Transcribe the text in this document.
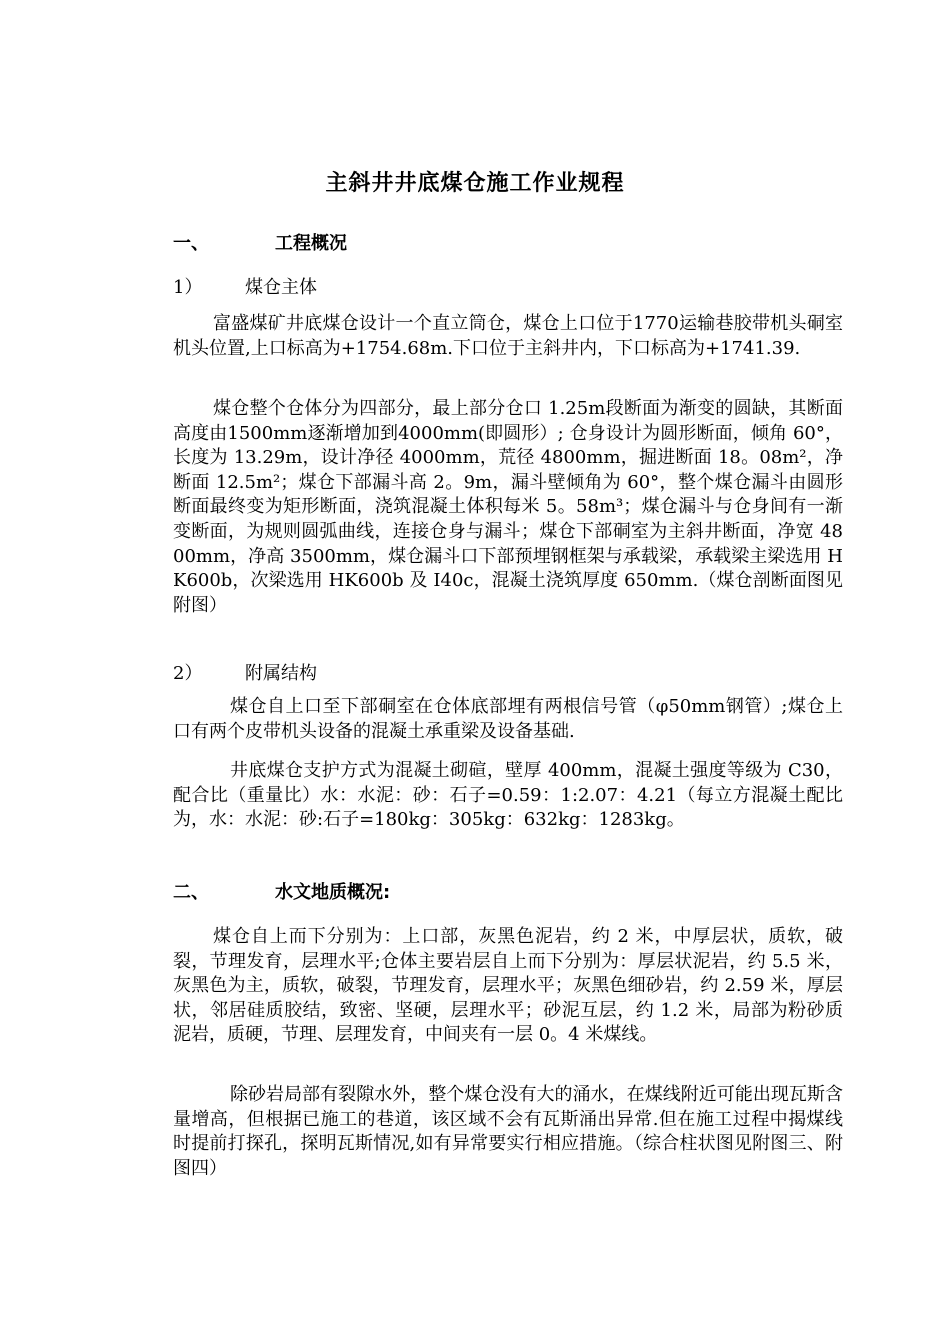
主斜井井底煤仓施工作业规程
一、	工程概况
1） 煤仓主体
富盛煤矿井底煤仓设计一个直立筒仓，煤仓上口位于1770运输巷胶带机头硐室机头位置,上口标高为+1754.68m.下口位于主斜井内，下口标高为+1741.39.
煤仓整个仓体分为四部分，最上部分仓口 1.25m段断面为渐变的圆缺，其断面高度由1500mm逐渐增加到4000mm(即圆形）; 仓身设计为圆形断面，倾角 60°，长度为 13.29m，设计净径 4000mm，荒径 4800mm，掘进断面 18。08m²，净断面 12.5m²；煤仓下部漏斗高 2。9m，漏斗壁倾角为 60°，整个煤仓漏斗由圆形断面最终变为矩形断面，浇筑混凝土体积每米 5。58m³；煤仓漏斗与仓身间有一渐变断面，为规则圆弧曲线，连接仓身与漏斗；煤仓下部硐室为主斜井断面，净宽 4800mm，净高 3500mm，煤仓漏斗口下部预埋钢框架与承载梁，承载梁主梁选用 HK600b，次梁选用 HK600b 及 I40c，混凝土浇筑厚度 650mm.（煤仓剖断面图见附图）
2） 附属结构
煤仓自上口至下部硐室在仓体底部埋有两根信号管（φ50mm钢管）;煤仓上口有两个皮带机头设备的混凝土承重梁及设备基础.
井底煤仓支护方式为混凝土砌碹，壁厚 400mm，混凝土强度等级为 C30，配合比（重量比）水：水泥：砂：石子=0.59：1:2.07：4.21（每立方混凝土配比为，水：水泥：砂:石子=180kg：305kg：632kg：1283kg。
二、	水文地质概况:
煤仓自上而下分别为：上口部，灰黑色泥岩，约 2 米，中厚层状，质软，破裂，节理发育，层理水平;仓体主要岩层自上而下分别为：厚层状泥岩，约 5.5 米，灰黑色为主，质软，破裂，节理发育，层理水平；灰黑色细砂岩，约 2.59 米，厚层状，邻居硅质胶结，致密、坚硬，层理水平；砂泥互层，约 1.2 米，局部为粉砂质泥岩，质硬，节理、层理发育，中间夹有一层 0。4 米煤线。
除砂岩局部有裂隙水外，整个煤仓没有大的涌水，在煤线附近可能出现瓦斯含量增高，但根据已施工的巷道，该区域不会有瓦斯涌出异常.但在施工过程中揭煤线时提前打探孔，探明瓦斯情况,如有异常要实行相应措施。（综合柱状图见附图三、附图四）
